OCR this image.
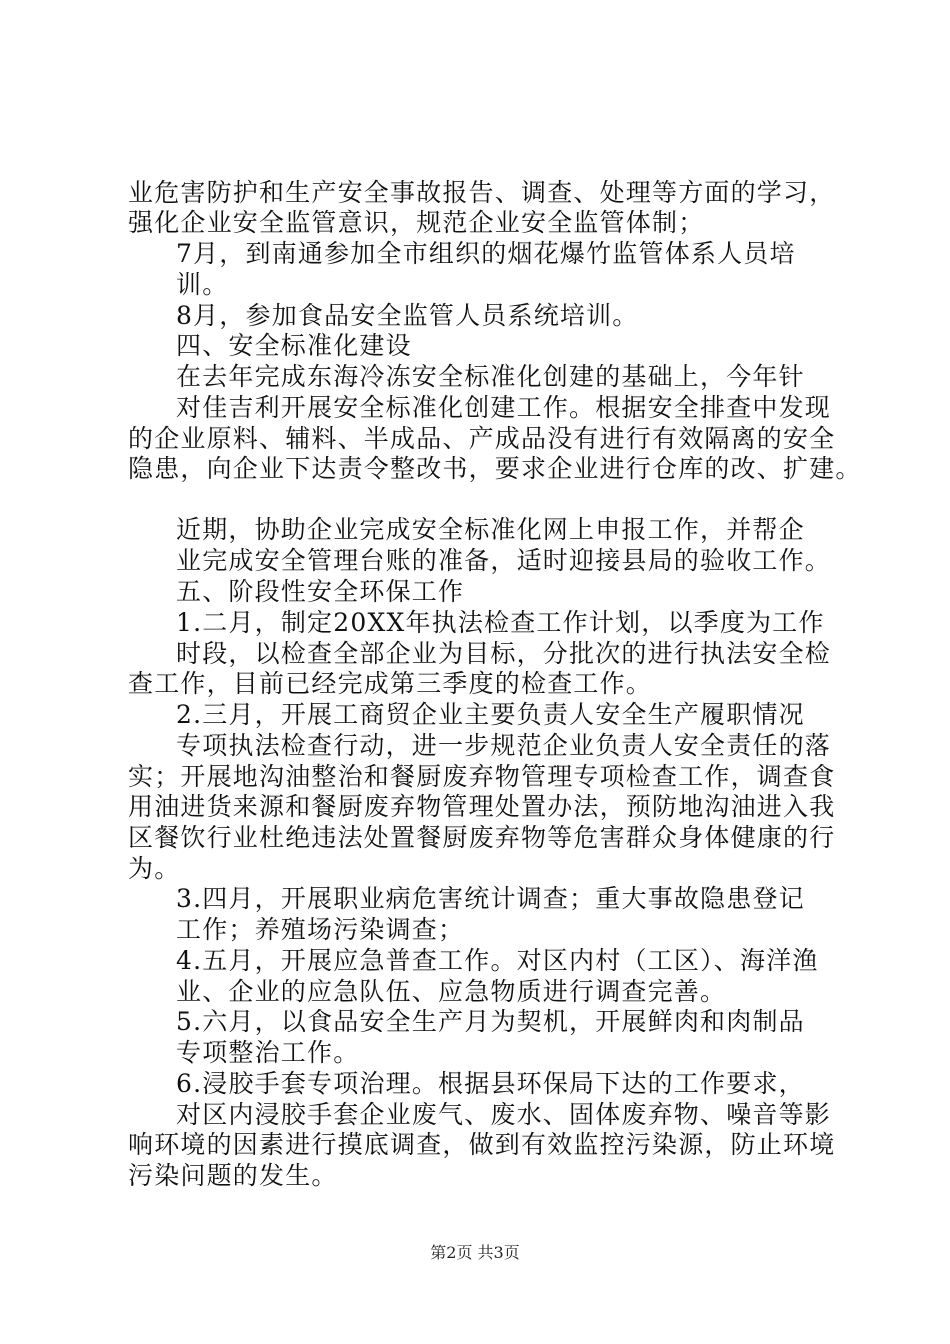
业危害防护和生产安全事故报告、调查、处理等方面的学习，
强化企业安全监管意识，规范企业安全监管体制；
7月，到南通参加全市组织的烟花爆竹监管体系人员培
训。
8月，参加食品安全监管人员系统培训。
四、安全标准化建设
在去年完成东海冷冻安全标准化创建的基础上，今年针
对佳吉利开展安全标准化创建工作。根据安全排查中发现
的企业原料、辅料、半成品、产成品没有进行有效隔离的安全
隐患，向企业下达责令整改书，要求企业进行仓库的改、扩建。
近期，协助企业完成安全标准化网上申报工作，并帮企
业完成安全管理台账的准备，适时迎接县局的验收工作。
五、阶段性安全环保工作
1.二月，制定20XX年执法检查工作计划，以季度为工作
时段，以检查全部企业为目标，分批次的进行执法安全检
查工作，目前已经完成第三季度的检查工作。
2.三月，开展工商贸企业主要负责人安全生产履职情况
专项执法检查行动，进一步规范企业负责人安全责任的落
实；开展地沟油整治和餐厨废弃物管理专项检查工作，调查食
用油进货来源和餐厨废弃物管理处置办法，预防地沟油进入我
区餐饮行业杜绝违法处置餐厨废弃物等危害群众身体健康的行
为。
3.四月，开展职业病危害统计调查；重大事故隐患登记
工作；养殖场污染调查；
4.五月，开展应急普查工作。对区内村（工区）、海洋渔
业、企业的应急队伍、应急物质进行调查完善。
5.六月，以食品安全生产月为契机，开展鲜肉和肉制品
专项整治工作。
6.浸胶手套专项治理。根据县环保局下达的工作要求，
对区内浸胶手套企业废气、废水、固体废弃物、噪音等影
响环境的因素进行摸底调查，做到有效监控污染源，防止环境
污染问题的发生。
第2页 共3页
